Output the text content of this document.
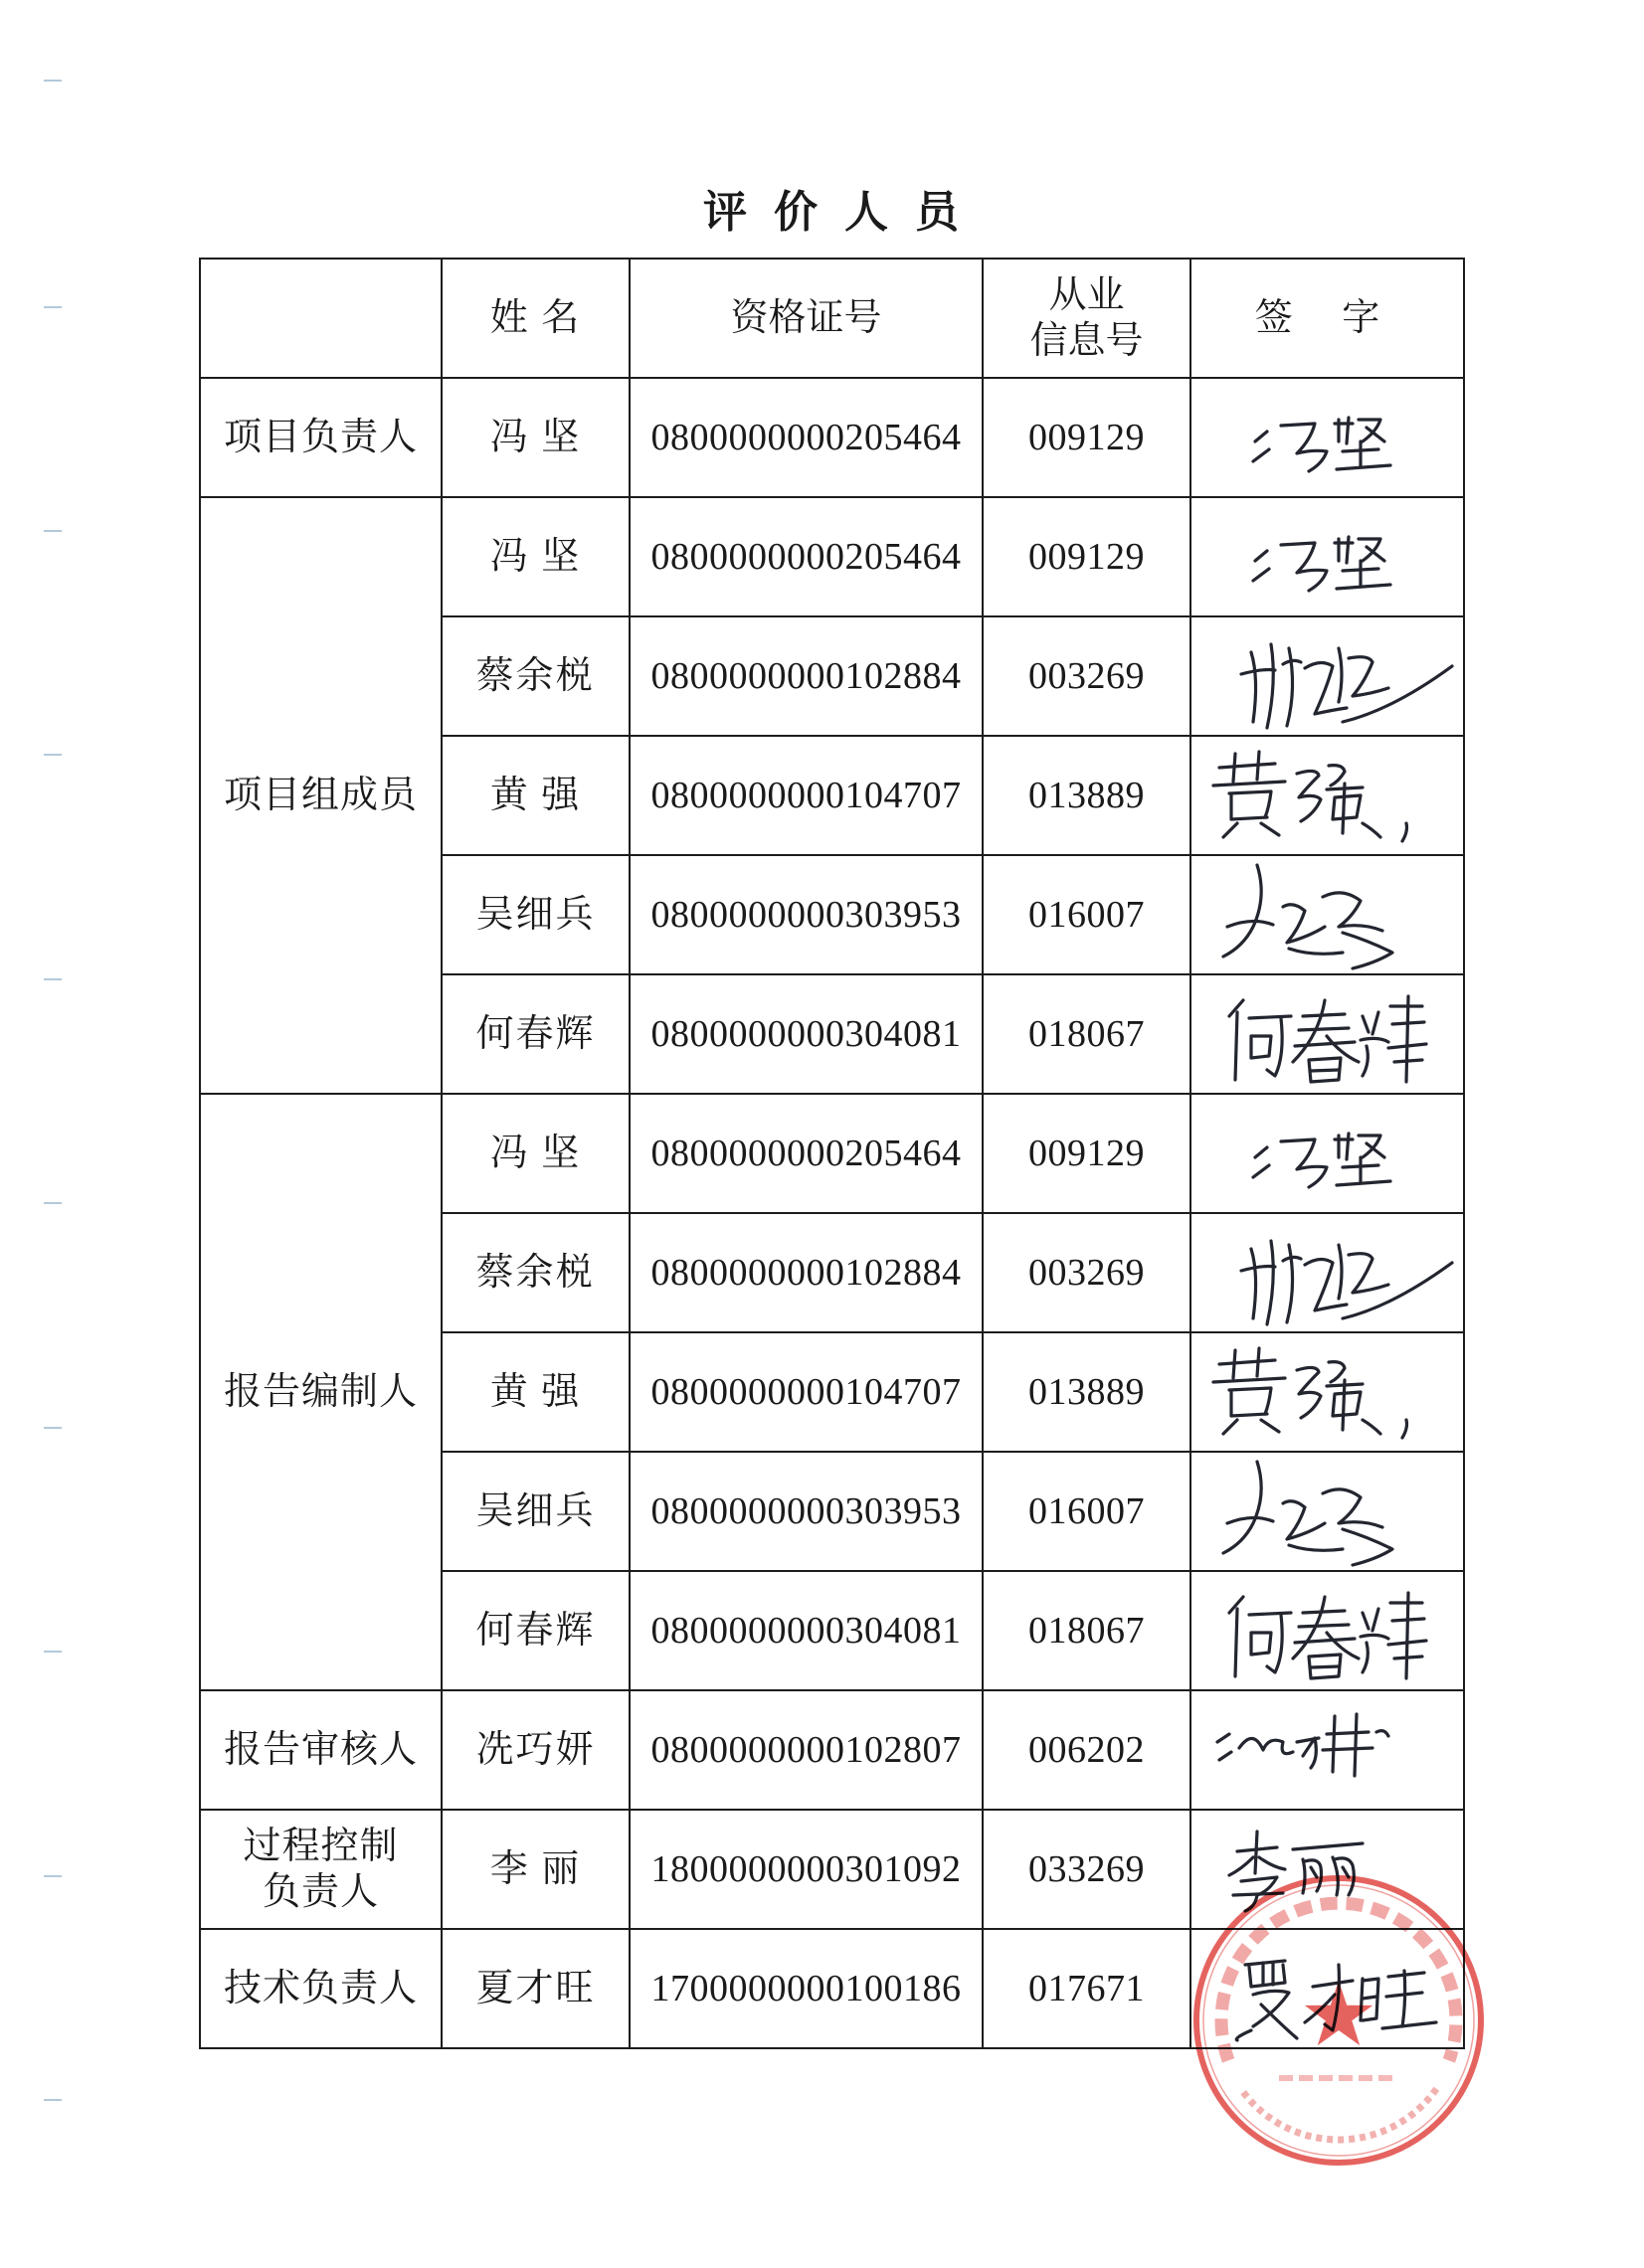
评 价 人 员
	姓 名	资格证号	从业
信息号	签 字
项目负责人	冯 坚	0800000000205464	009129	

项目组成员	冯 坚	0800000000205464	009129	

	蔡余棁	0800000000102884	003269	

	黄 强	0800000000104707	013889	

	吴细兵	0800000000303953	016007	

	何春辉	0800000000304081	018067	

报告编制人	冯 坚	0800000000205464	009129	

	蔡余棁	0800000000102884	003269	

	黄 强	0800000000104707	013889	

	吴细兵	0800000000303953	016007	

	何春辉	0800000000304081	018067	

报告审核人	冼巧妍	0800000000102807	006202	

过程控制
负责人	李 丽	1800000000301092	033269	

技术负责人	夏才旺	1700000000100186	017671	
